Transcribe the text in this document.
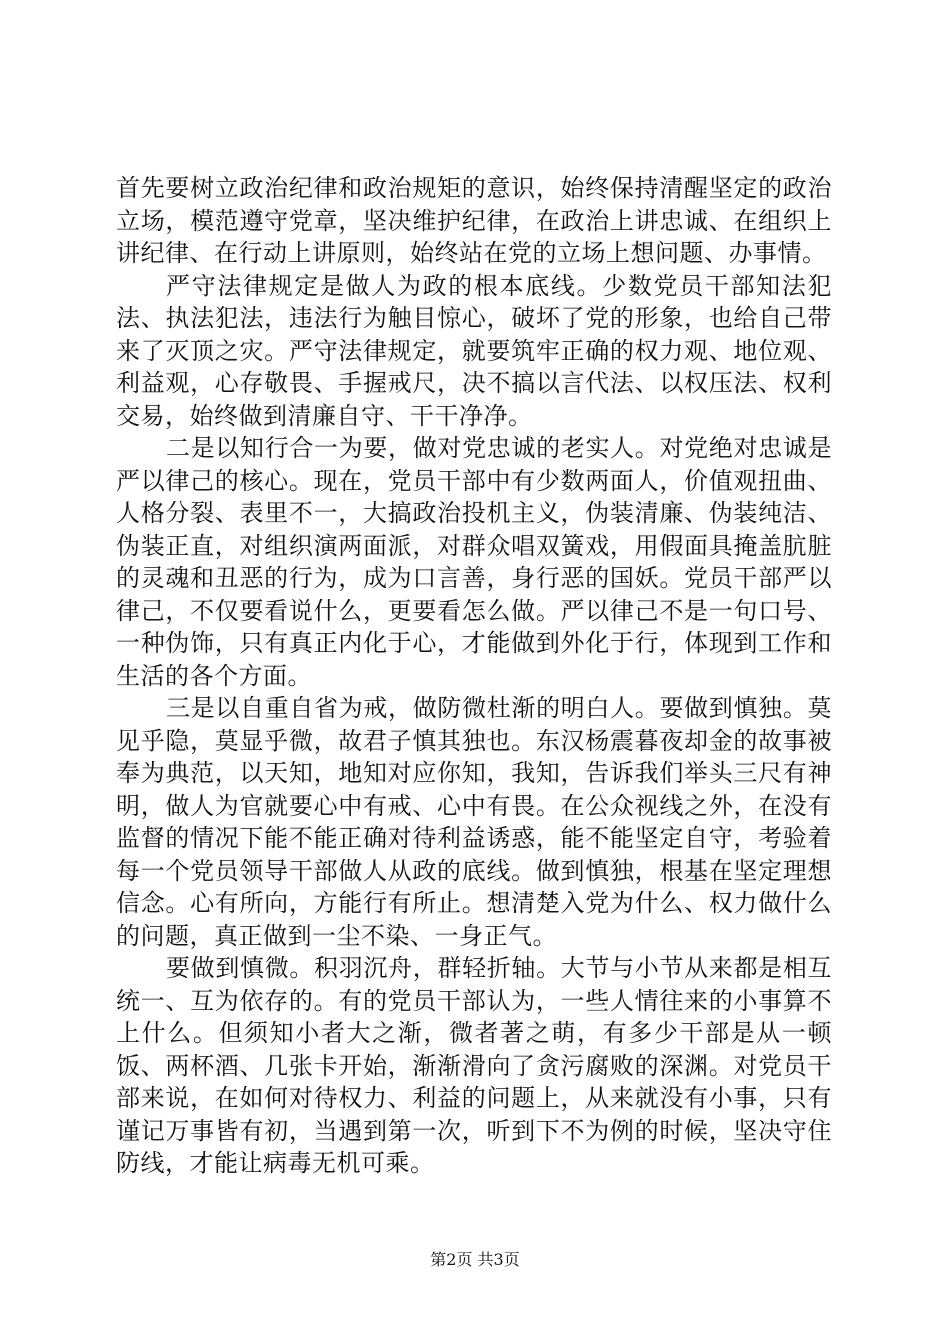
首先要树立政治纪律和政治规矩的意识，始终保持清醒坚定的政治立场，模范遵守党章，坚决维护纪律，在政治上讲忠诚、在组织上讲纪律、在行动上讲原则，始终站在党的立场上想问题、办事情。

严守法律规定是做人为政的根本底线。少数党员干部知法犯法、执法犯法，违法行为触目惊心，破坏了党的形象，也给自己带来了灭顶之灾。严守法律规定，就要筑牢正确的权力观、地位观、利益观，心存敬畏、手握戒尺，决不搞以言代法、以权压法、权利交易，始终做到清廉自守、干干净净。

二是以知行合一为要，做对党忠诚的老实人。对党绝对忠诚是严以律己的核心。现在，党员干部中有少数两面人，价值观扭曲、人格分裂、表里不一，大搞政治投机主义，伪装清廉、伪装纯洁、伪装正直，对组织演两面派，对群众唱双簧戏，用假面具掩盖肮脏的灵魂和丑恶的行为，成为口言善，身行恶的国妖。党员干部严以律己，不仅要看说什么，更要看怎么做。严以律己不是一句口号、一种伪饰，只有真正内化于心，才能做到外化于行，体现到工作和生活的各个方面。

三是以自重自省为戒，做防微杜渐的明白人。要做到慎独。莫见乎隐，莫显乎微，故君子慎其独也。东汉杨震暮夜却金的故事被奉为典范，以天知，地知对应你知，我知，告诉我们举头三尺有神明，做人为官就要心中有戒、心中有畏。在公众视线之外，在没有监督的情况下能不能正确对待利益诱惑，能不能坚定自守，考验着每一个党员领导干部做人从政的底线。做到慎独，根基在坚定理想信念。心有所向，方能行有所止。想清楚入党为什么、权力做什么的问题，真正做到一尘不染、一身正气。

要做到慎微。积羽沉舟，群轻折轴。大节与小节从来都是相互统一、互为依存的。有的党员干部认为，一些人情往来的小事算不上什么。但须知小者大之渐，微者著之萌，有多少干部是从一顿饭、两杯酒、几张卡开始，渐渐滑向了贪污腐败的深渊。对党员干部来说，在如何对待权力、利益的问题上，从来就没有小事，只有谨记万事皆有初，当遇到第一次，听到下不为例的时候，坚决守住防线，才能让病毒无机可乘。

第2页 共3页
